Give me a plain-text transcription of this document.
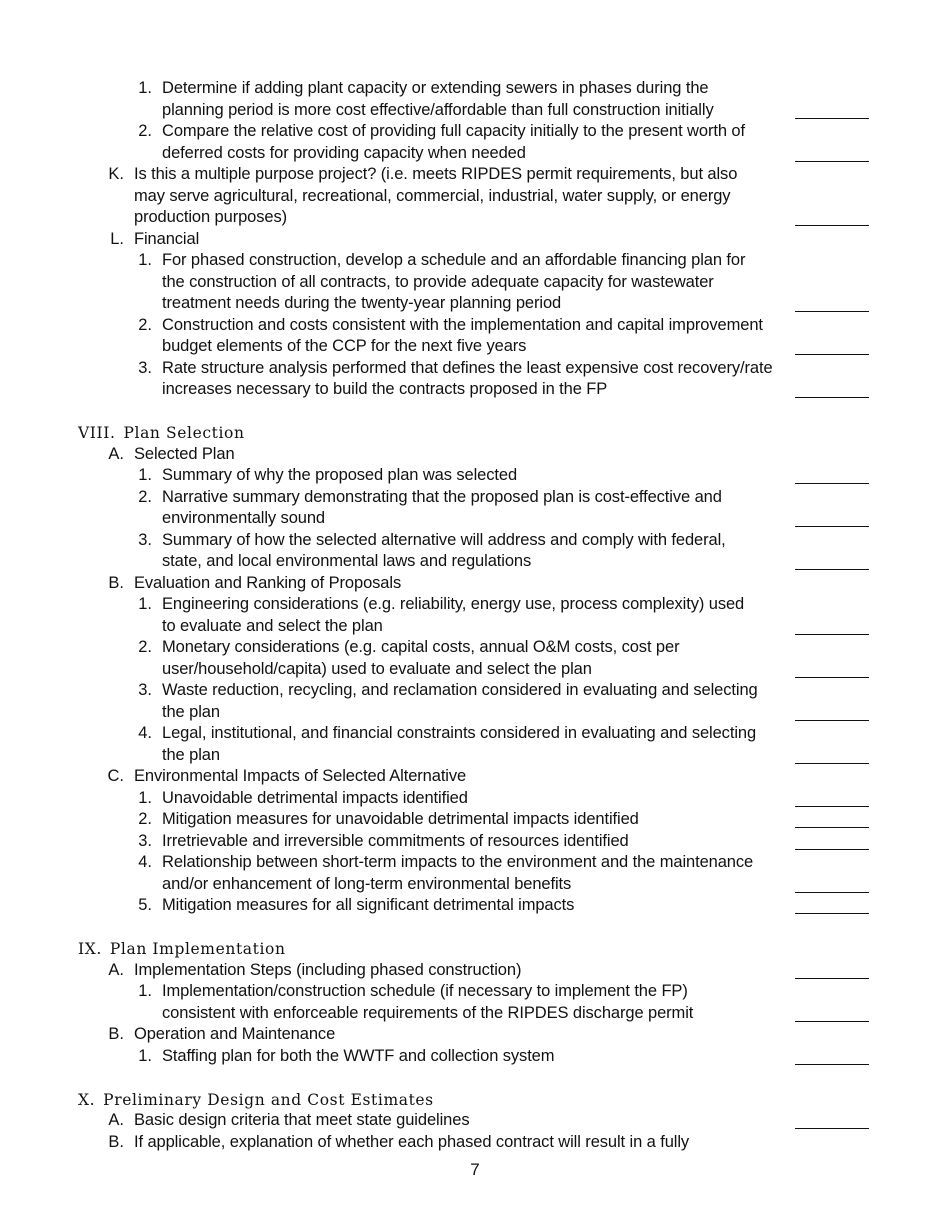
1. Determine if adding plant capacity or extending sewers in phases during the
planning period is more cost effective/affordable than full construction initially
2. Compare the relative cost of providing full capacity initially to the present worth of
deferred costs for providing capacity when needed
K. Is this a multiple purpose project? (i.e. meets RIPDES permit requirements, but also
may serve agricultural, recreational, commercial, industrial, water supply, or energy
production purposes)
L. Financial
1. For phased construction, develop a schedule and an affordable financing plan for
the construction of all contracts, to provide adequate capacity for wastewater
treatment needs during the twenty-year planning period
2. Construction and costs consistent with the implementation and capital improvement
budget elements of the CCP for the next five years
3. Rate structure analysis performed that defines the least expensive cost recovery/rate
increases necessary to build the contracts proposed in the FP
VIII. Plan Selection
A. Selected Plan
1. Summary of why the proposed plan was selected
2. Narrative summary demonstrating that the proposed plan is cost-effective and
environmentally sound
3. Summary of how the selected alternative will address and comply with federal,
state, and local environmental laws and regulations
B. Evaluation and Ranking of Proposals
1. Engineering considerations (e.g. reliability, energy use, process complexity) used
to evaluate and select the plan
2. Monetary considerations (e.g. capital costs, annual O&M costs, cost per
user/household/capita) used to evaluate and select the plan
3. Waste reduction, recycling, and reclamation considered in evaluating and selecting
the plan
4. Legal, institutional, and financial constraints considered in evaluating and selecting
the plan
C. Environmental Impacts of Selected Alternative
1. Unavoidable detrimental impacts identified
2. Mitigation measures for unavoidable detrimental impacts identified
3. Irretrievable and irreversible commitments of resources identified
4. Relationship between short-term impacts to the environment and the maintenance
and/or enhancement of long-term environmental benefits
5. Mitigation measures for all significant detrimental impacts
IX. Plan Implementation
A. Implementation Steps (including phased construction)
1. Implementation/construction schedule (if necessary to implement the FP)
consistent with enforceable requirements of the RIPDES discharge permit
B. Operation and Maintenance
1. Staffing plan for both the WWTF and collection system
X. Preliminary Design and Cost Estimates
A. Basic design criteria that meet state guidelines
B. If applicable, explanation of whether each phased contract will result in a fully
7
